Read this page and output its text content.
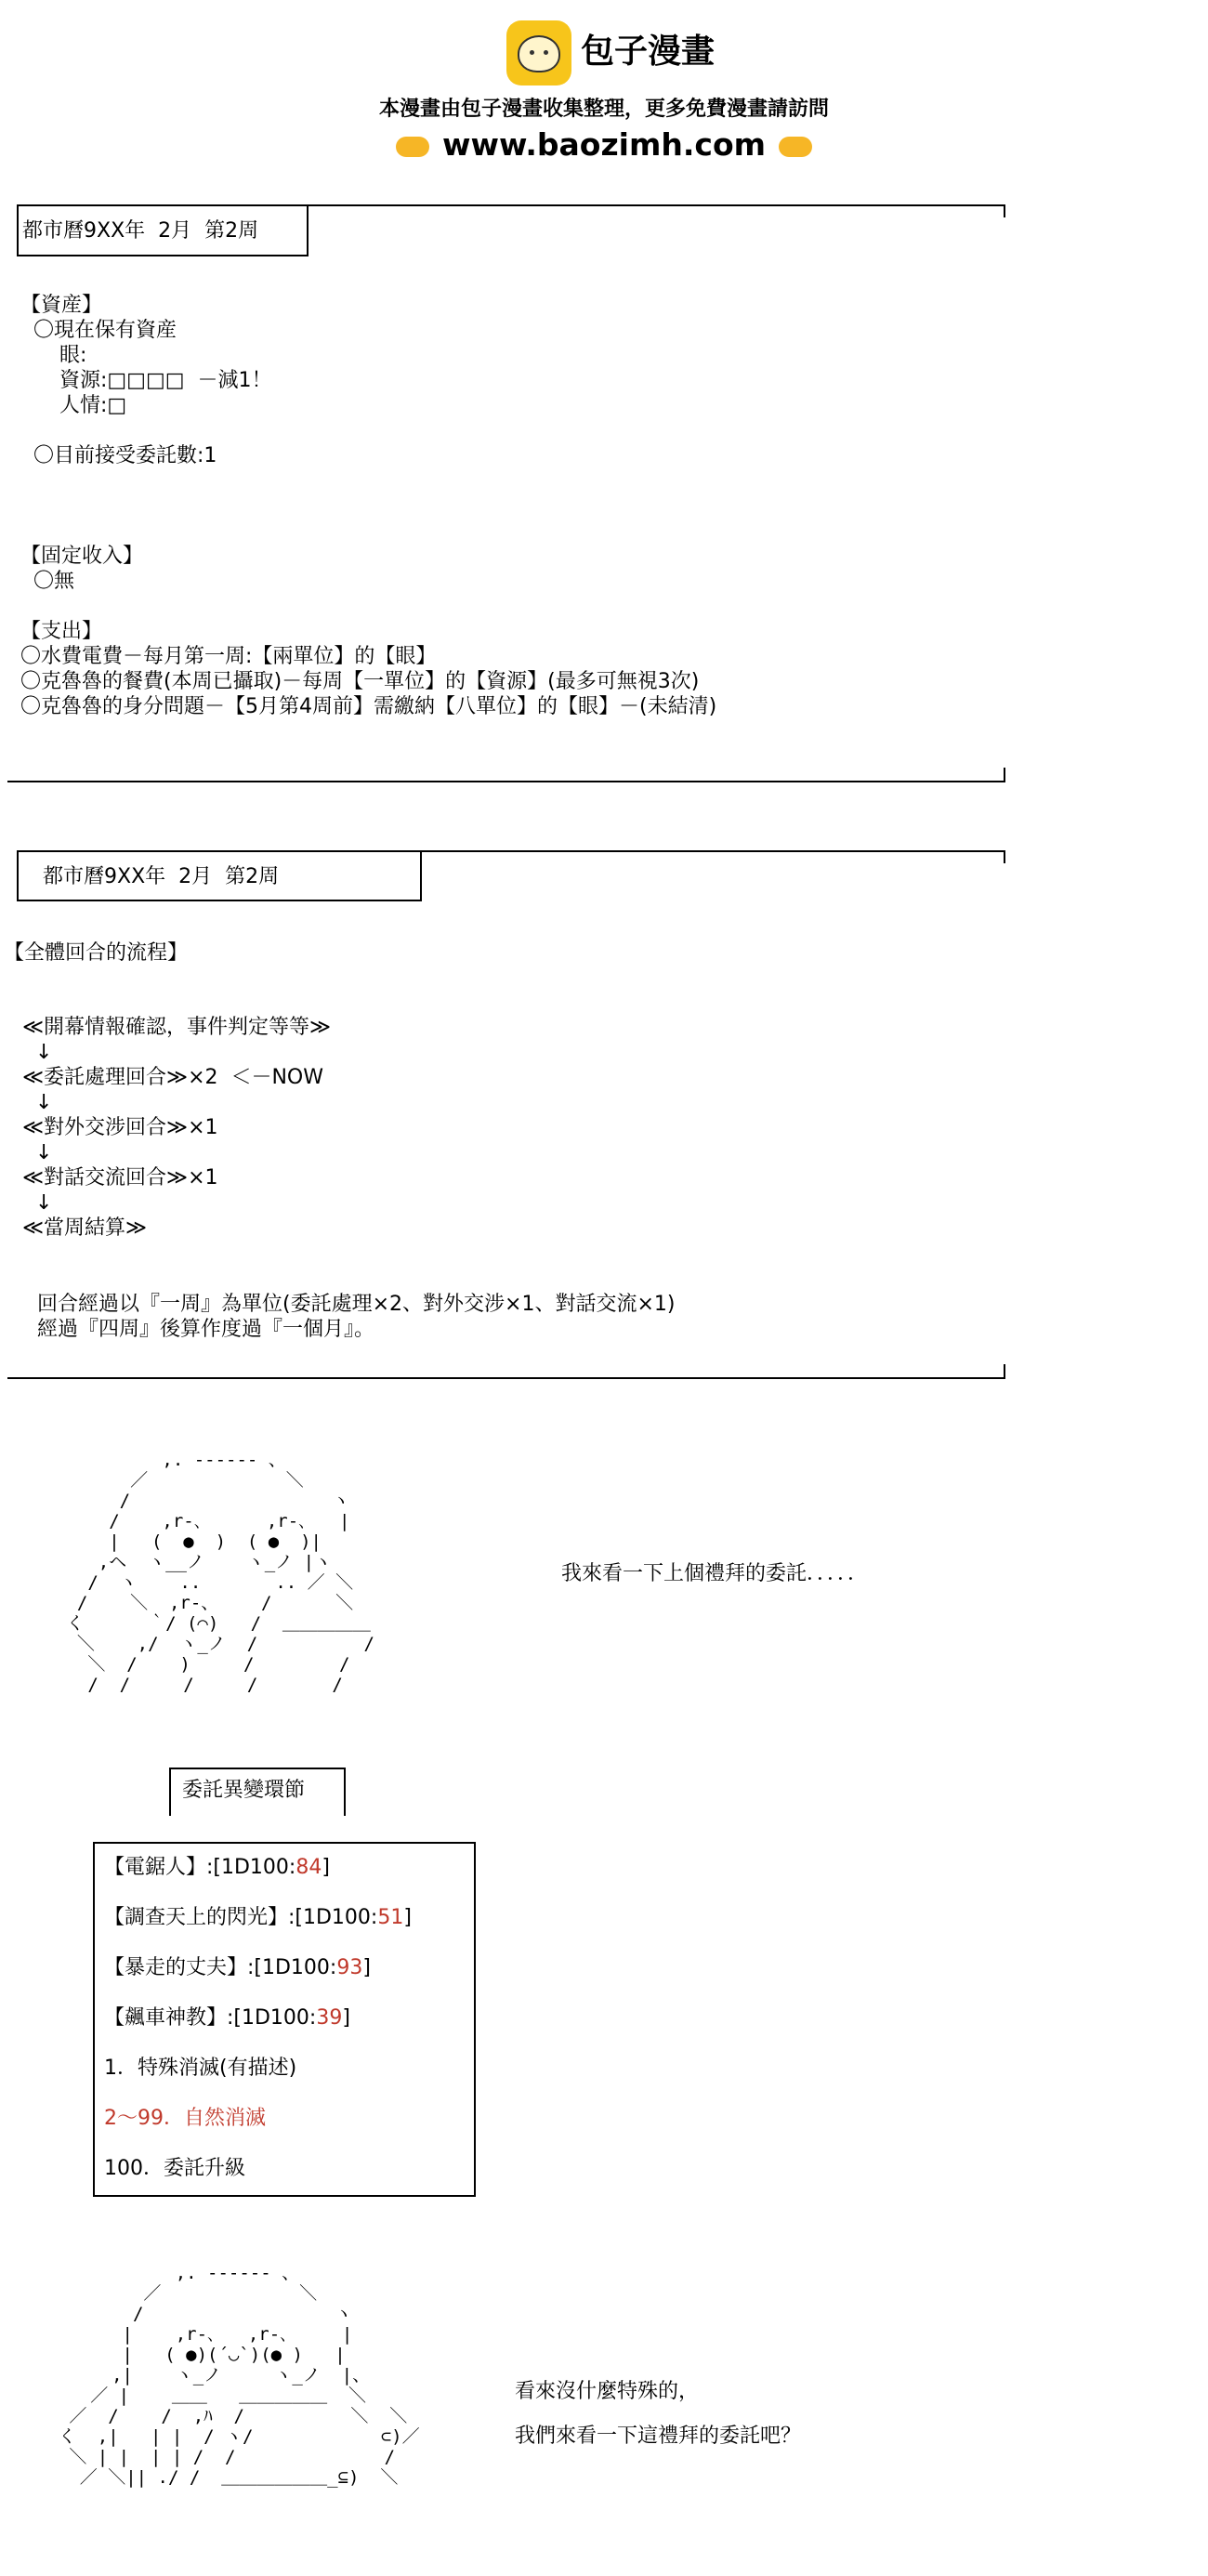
包子漫畫
本漫畫由包子漫畫收集整理，更多免費漫畫請訪問
www.baozimh.com
都市曆9XX年  2月  第2周
【資産】
〇現在保有資産
眼:
資源:□□□□  －減1！
人情:□

〇目前接受委託數:1

【固定收入】
〇無

【支出】
〇水費電費－每月第一周:【兩單位】的【眼】
〇克魯魯的餐費(本周已攝取)－每周【一單位】的【資源】(最多可無視3次)
〇克魯魯的身分問題－【5月第4周前】需繳納【八單位】的【眼】－(未結清)
都市曆9XX年  2月  第2周
【全體回合的流程】
≪開幕情報確認，事件判定等等≫
↓
≪委託處理回合≫×2  ＜－NOW
↓
≪對外交涉回合≫×1
↓
≪對話交流回合≫×1
↓
≪當周結算≫
回合經過以『一周』為單位(委託處理×2、對外交涉×1、對話交流×1)
經過『四周』後算作度過『一個月』。
,. -‐‐‐‐- 、
／             ＼
/                   ヽ
/    ,r‐､      ,r‐､   |
|   (  ●  )  ( ●  )|
,ヘ  ヽ__ノ    ヽ_ノ |ヽ
/  ヽ    ..       .. ／ ＼
/    ＼  ,r‐、    /      ＼
く      ｀/ (⌒)   /  ＿＿＿＿＿
＼    ,/  ヽ_ノ  /          /
＼  /    )     /        /
/  /     /     /       /
我來看一下上個禮拜的委託．．．．．
委託異變環節
【電鋸人】:[1D100:84]
【調查天上的閃光】:[1D100:51]
【暴走的丈夫】:[1D100:93]
【飆車神教】:[1D100:39]
1．特殊消滅(有描述)
2～99．自然消滅
100．委託升級
,. -‐‐‐‐- 、
／             ＼
/                  ヽ
|    ,r‐､   ,r‐､     |
|   ( ●)(´◡`)(● )   |
,|    ヽ_ノ     ヽ_ノ  |、
／ |    ＿＿   ＿＿＿＿＿  ＼
／  /    /  ,ﾊ  /          ＼  ＼
く  ,|   | |  / ヽ/            ⊂)／
＼ | |  | | /  /              /
／ ＼|| ./ /  ＿＿＿＿＿＿_⊆)  ＼
看來沒什麼特殊的，
我們來看一下這禮拜的委託吧？
